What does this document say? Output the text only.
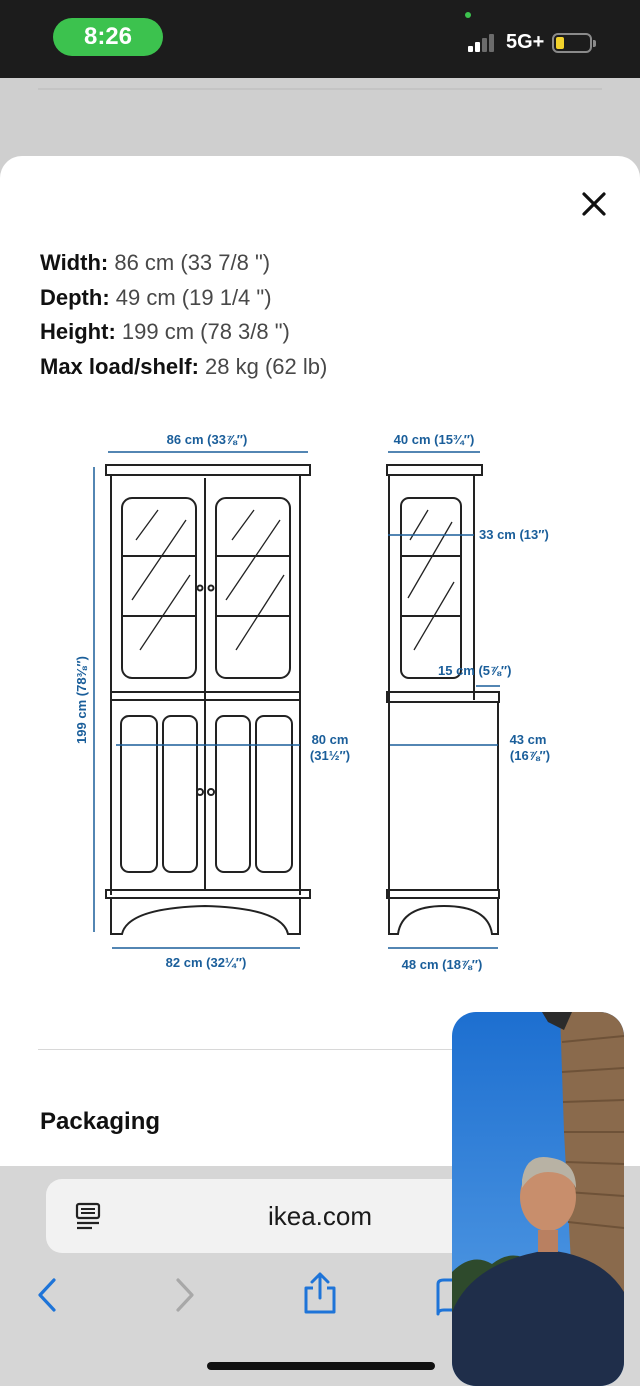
8:26	5G+
Width: 86 cm (33 7/8 ")
Depth: 49 cm (19 1/4 ")
Height: 199 cm (78 3/8 ")
Max load/shelf: 28 kg (62 lb)
86 cm (33⅞″)	40 cm (15¾″)
199 cm (78⅜″)
33 cm (13″)
15 cm (5⅞″)
80 cm
(31½″)
43 cm
(16⅞″)
82 cm (32¼″)	48 cm (18⅞″)
Packaging
ikea.com
